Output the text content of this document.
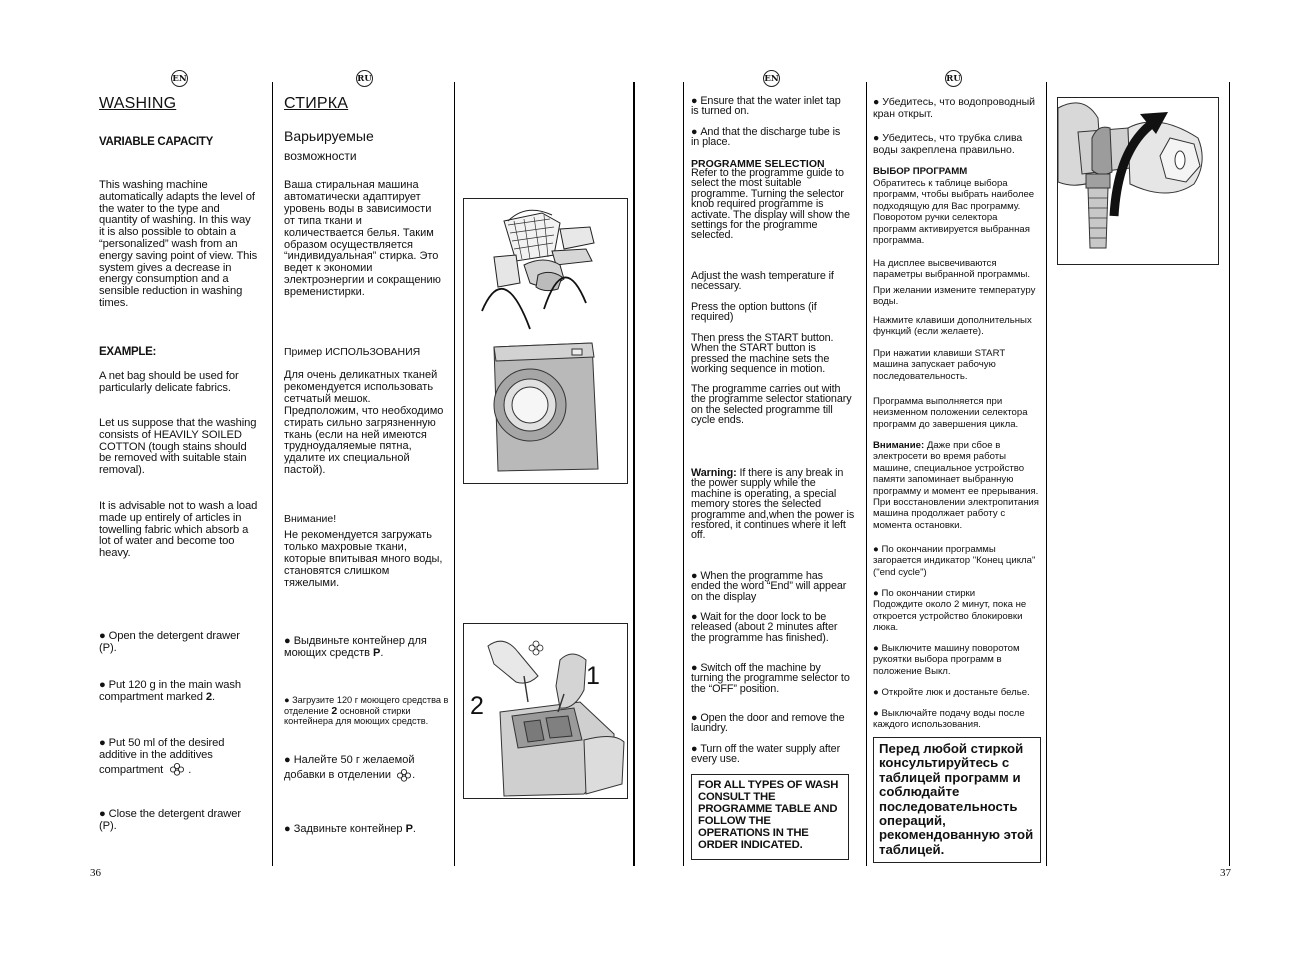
EN	RU	EN	RU
WASHING
VARIABLE CAPACITY
This washing machine automatically adapts the level of the water to the type and quantity of washing. In this way it is also possible to obtain a “personalized” wash from an energy saving point of view. This system gives a decrease in energy consumption and a sensible reduction in washing times.
EXAMPLE:
A net bag should be used for particularly delicate fabrics.
Let us suppose that the washing consists of HEAVILY SOILED COTTON (tough stains should be removed with suitable stain removal).
It is advisable not to wash a load made up entirely of articles in towelling fabric which absorb a lot of water and become too heavy.
● Open the detergent drawer (P).
● Put 120 g in the main wash compartment marked 2.
● Put 50 ml of the desired additive in the additives compartment  .
● Close the detergent drawer (P).
36
СТИРКА
Варьируемые
возможности
Ваша стиральная машина автоматически адаптирует уровень воды в зависимости от типа ткани и количествается белья. Таким образом осуществляется “индивидуальная” стирка. Это ведет к экономии электроэнергии и сокращению временистирки.
Пример ИСПОЛЬЗОВАНИЯ
Для очень деликатных тканей рекомендуется использовать сетчатый мешок. Предположим, что необходимо стирать сильно загрязненную ткань (если на ней имеются трудноудаляемые пятна, удалите их специальной пастой).
Внимание!
Не рекомендуется загружать только махровые ткани, которые впитывая много воды, становятся слишком тяжелыми.
● Выдвиньте контейнер для моющих средств Р.
● Загрузите 120 г моющего средства в отделение 2 основной стирки контейнера для моющих средств.
● Налейте 50 г желаемой добавки в отделении .
● Задвиньте контейнер Р.
1
2
● Ensure that the water inlet tap is turned on.
● And that the discharge tube is in place.
PROGRAMME SELECTION
Refer to the programme guide to select the most suitable programme. Turning the selector knob required programme is activate. The display will show the settings for the programme selected.
Adjust the wash temperature if necessary.
Press the option buttons (if required)
Then press the START button. When the START button is pressed the machine sets the working sequence in motion.
The programme carries out with the programme selector stationary on the selected programme till cycle ends.
Warning: If there is any break in the power supply while the machine is operating, a special memory stores the selected programme and,when the power is restored, it continues where it left off.
● When the programme has ended the word “End” will appear on the display
● Wait for the door lock to be released (about 2 minutes after the programme has finished).
● Switch off the machine by turning the programme selector to the “OFF” position.
● Open the door and remove the laundry.
● Turn off the water supply after every use.
FOR ALL TYPES OF WASH CONSULT THE PROGRAMME TABLE AND FOLLOW THE OPERATIONS IN THE ORDER INDICATED.
● Убедитесь, что водопроводный кран открыт.
● Убедитесь, что трубка слива воды закреплена правильно.
ВЫБОР ПРОГРАММ
Обратитесь к таблице выбора программ, чтобы выбрать наиболее подходящую для Вас программу. Поворотом ручки селектора программ активируется выбранная программа.
На дисплее высвечиваются параметры выбранной программы.
При желании измените температуру воды.
Нажмите клавиши дополнительных функций (если желаете).
При нажатии клавиши START машина запускает рабочую последовательность.
Программа выполняется при неизменном положении селектора программ до завершения цикла.
Внимание: Даже при сбое в электросети во время работы машине, специальное устройство памяти запоминает выбранную программу и момент ее прерывания. При восстановлении электропитания машина продолжает работу с момента остановки.
● По окончании программы загорается индикатор "Конец цикла" ("end cycle")
● По окончании стирки
Подождите около 2 минут, пока не откроется устройство блокировки люка.
● Выключите машину поворотом рукоятки выбора программ в положение Выкл.
● Откройте люк и достаньте белье.
● Выключайте подачу воды после каждого использования.
Перед любой стиркой консультируйтесь с таблицей программ и соблюдайте последовательность операций, рекомендованную этой таблицей.
37
